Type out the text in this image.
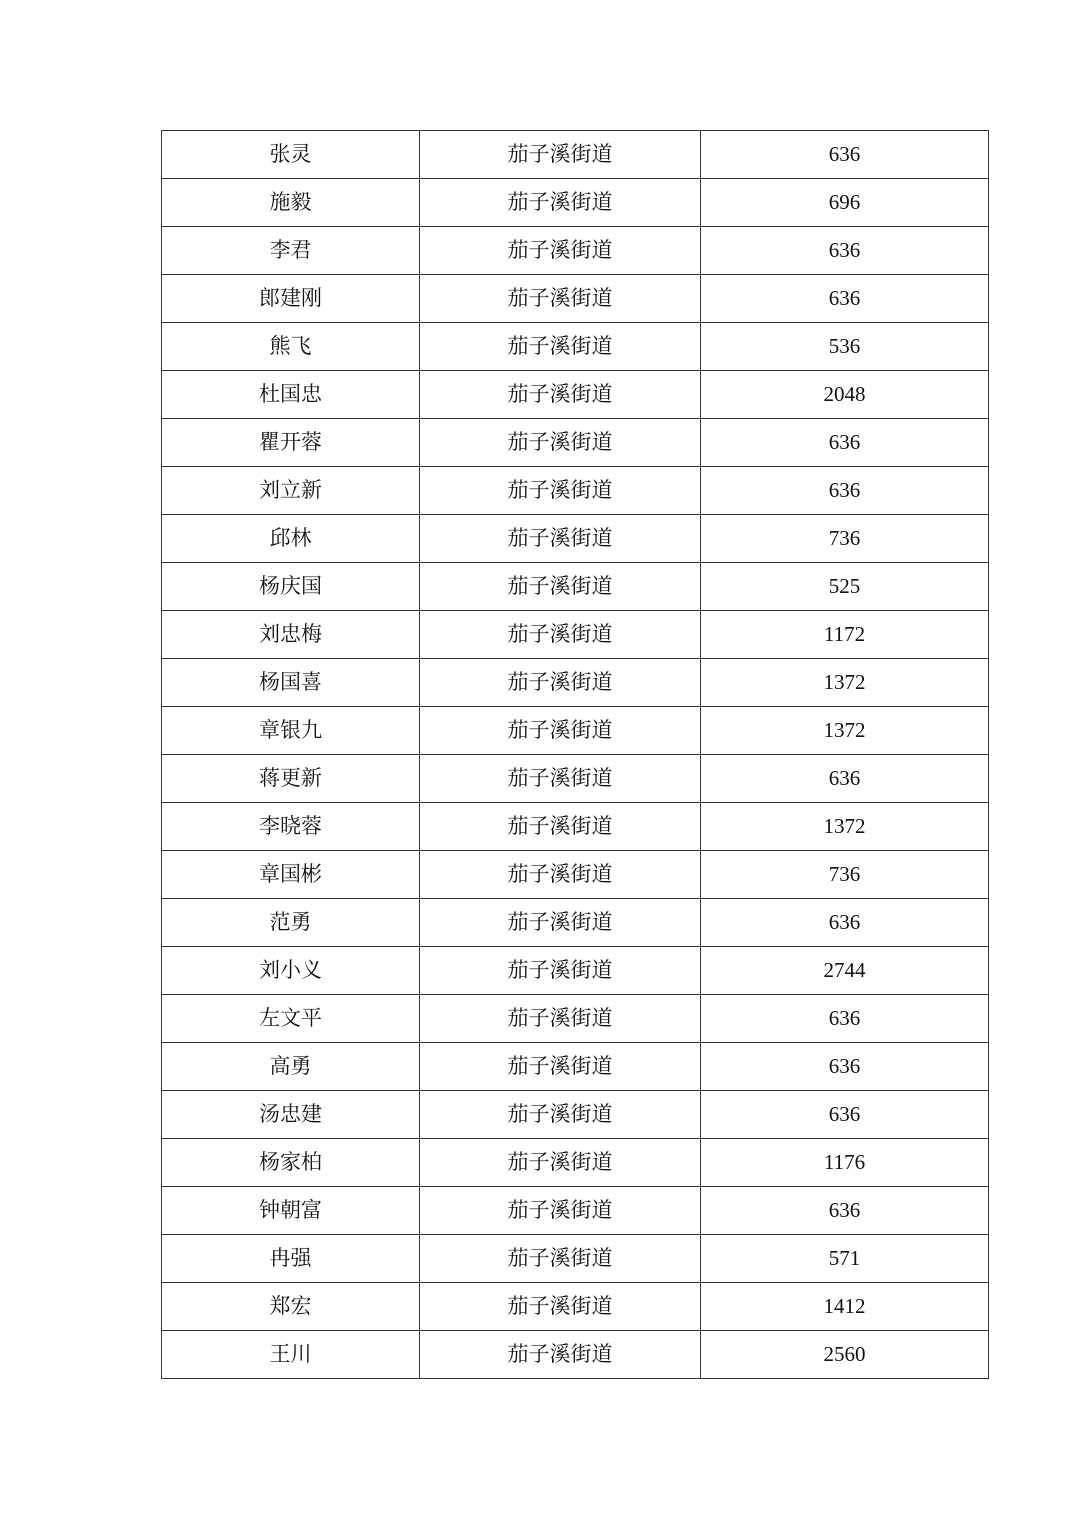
张灵	茄子溪街道	636
施毅	茄子溪街道	696
李君	茄子溪街道	636
郎建刚	茄子溪街道	636
熊飞	茄子溪街道	536
杜国忠	茄子溪街道	2048
瞿开蓉	茄子溪街道	636
刘立新	茄子溪街道	636
邱林	茄子溪街道	736
杨庆国	茄子溪街道	525
刘忠梅	茄子溪街道	1172
杨国喜	茄子溪街道	1372
章银九	茄子溪街道	1372
蒋更新	茄子溪街道	636
李晓蓉	茄子溪街道	1372
章国彬	茄子溪街道	736
范勇	茄子溪街道	636
刘小义	茄子溪街道	2744
左文平	茄子溪街道	636
高勇	茄子溪街道	636
汤忠建	茄子溪街道	636
杨家柏	茄子溪街道	1176
钟朝富	茄子溪街道	636
冉强	茄子溪街道	571
郑宏	茄子溪街道	1412
王川	茄子溪街道	2560
